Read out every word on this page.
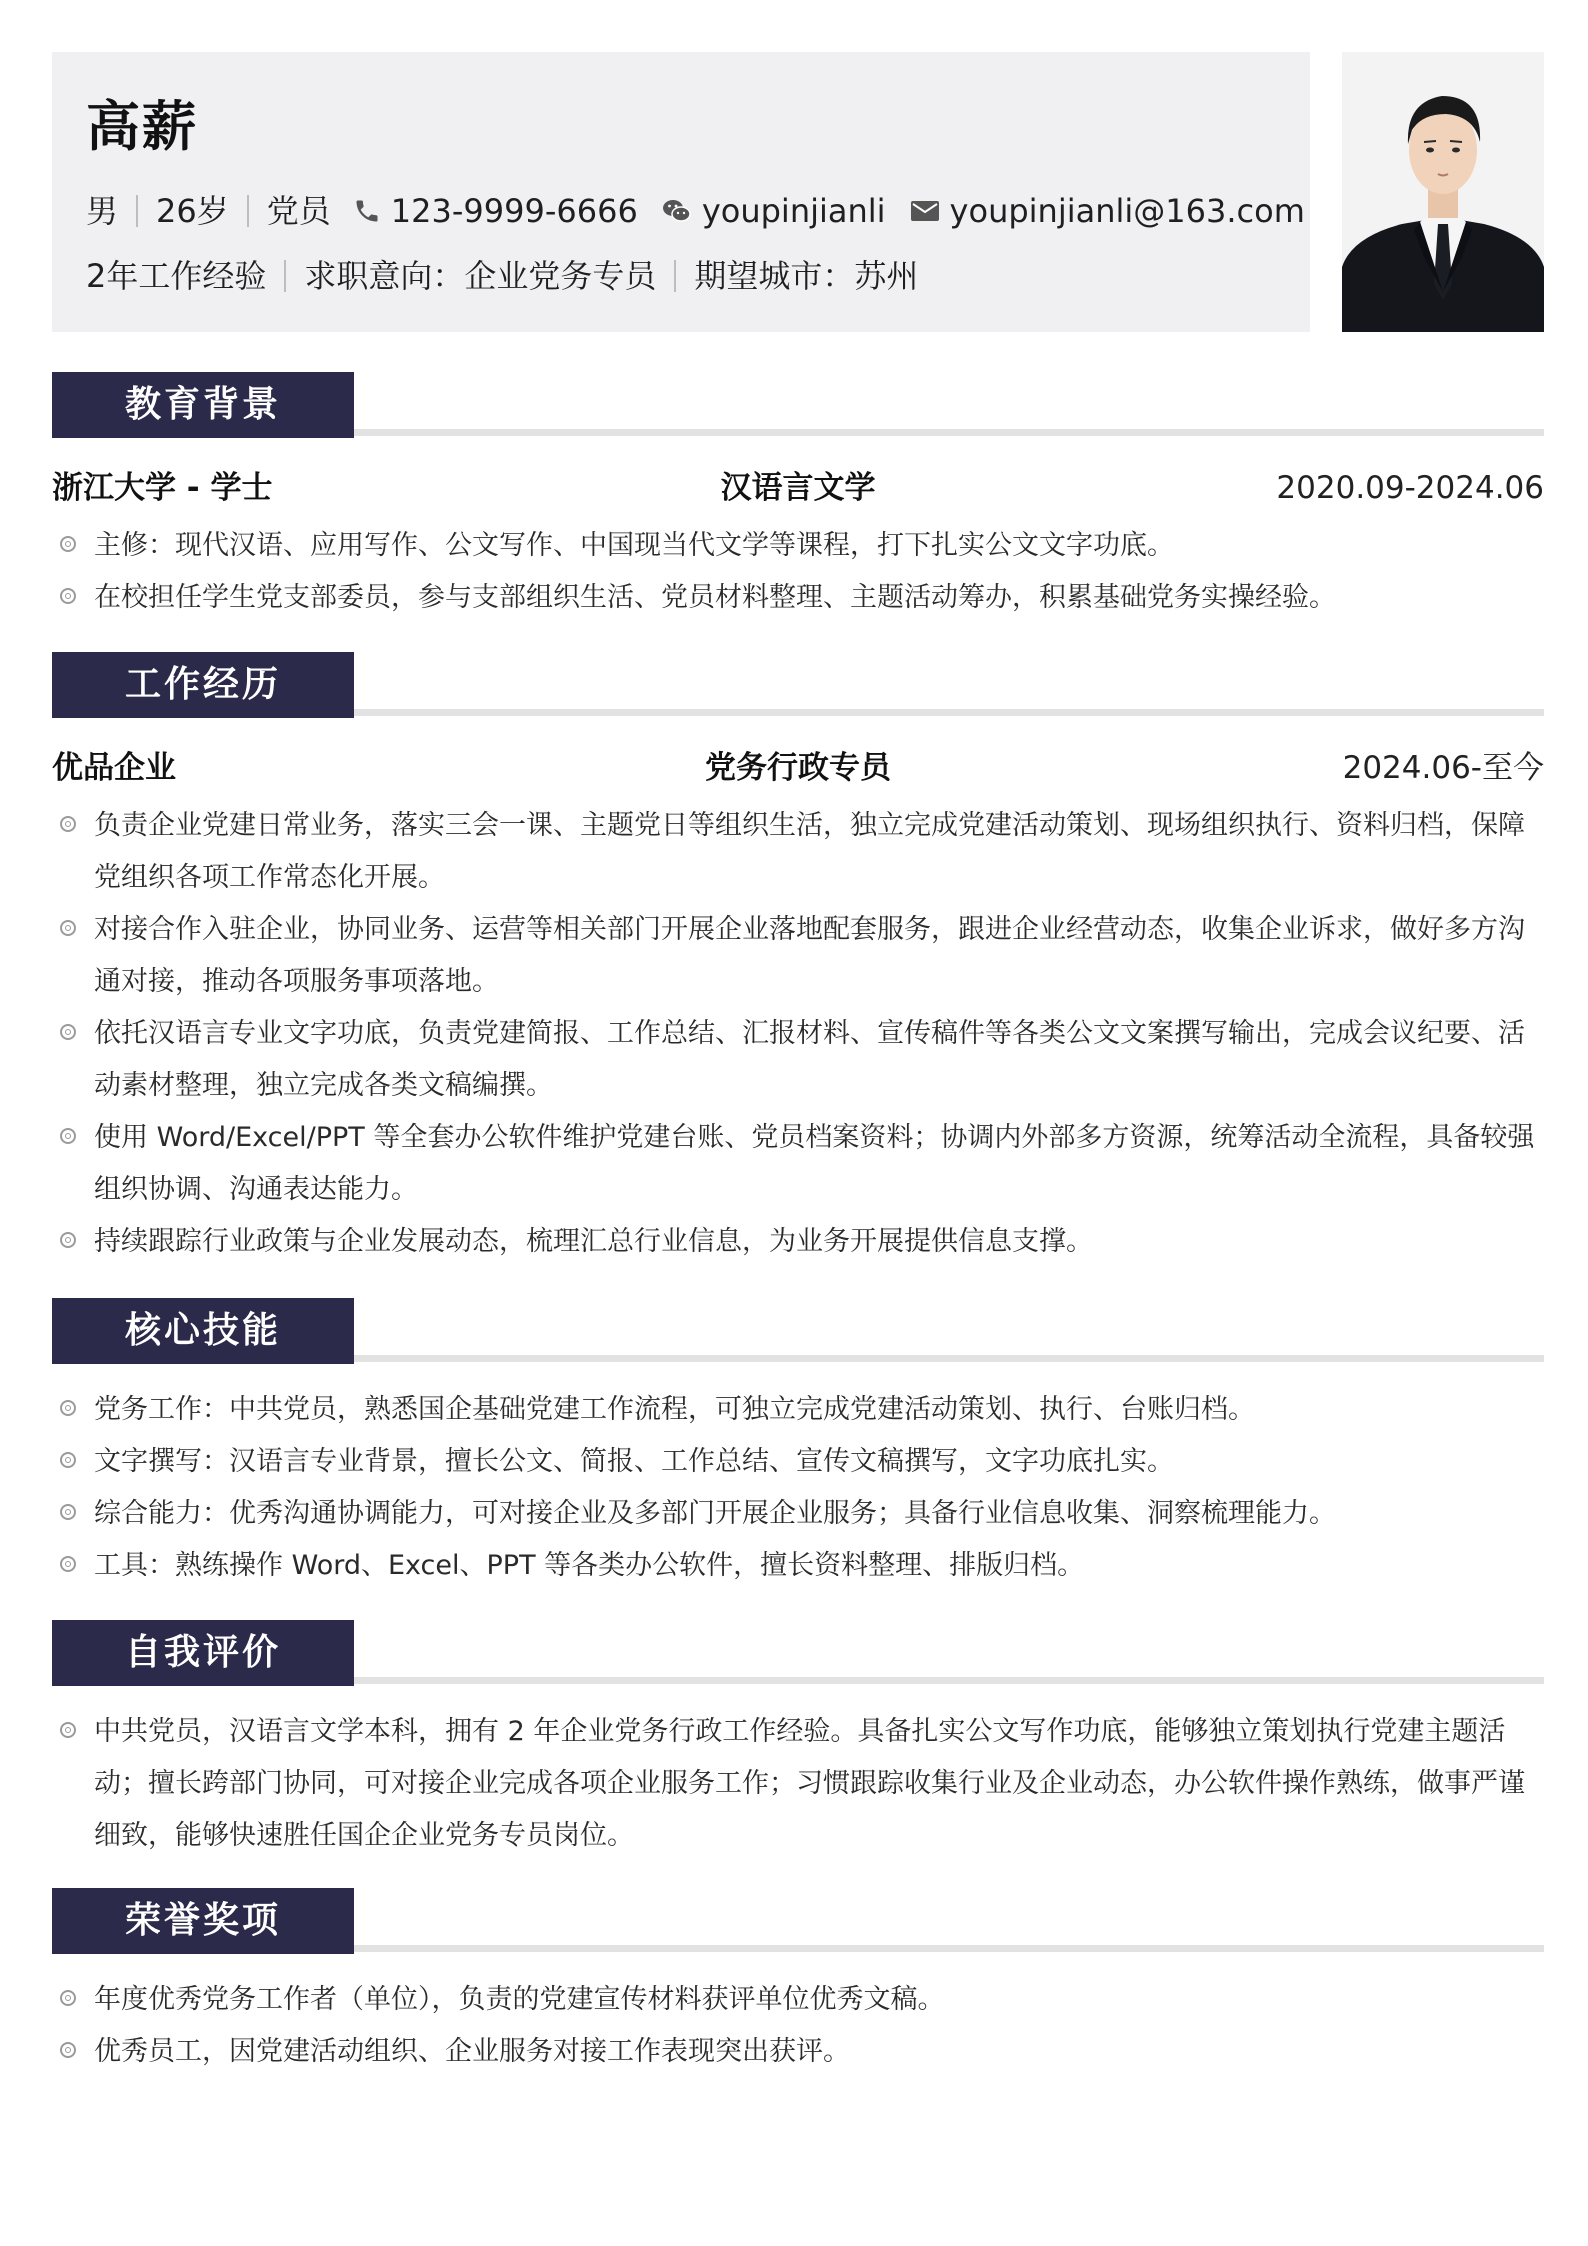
高薪
男 26岁 党员 123-9999-6666 youpinjianli youpinjianli@163.com
2年工作经验 求职意向：企业党务专员 期望城市：苏州
教育背景
浙江大学 - 学士	汉语言文学	2020.09-2024.06
主修：现代汉语、应用写作、公文写作、中国现当代文学等课程，打下扎实公文文字功底。
在校担任学生党支部委员，参与支部组织生活、党员材料整理、主题活动筹办，积累基础党务实操经验。
工作经历
优品企业	党务行政专员	2024.06-至今
负责企业党建日常业务，落实三会一课、主题党日等组织生活，独立完成党建活动策划、现场组织执行、资料归档，保障党组织各项工作常态化开展。
对接合作入驻企业，协同业务、运营等相关部门开展企业落地配套服务，跟进企业经营动态，收集企业诉求，做好多方沟通对接，推动各项服务事项落地。
依托汉语言专业文字功底，负责党建简报、工作总结、汇报材料、宣传稿件等各类公文文案撰写输出，完成会议纪要、活动素材整理，独立完成各类文稿编撰。
使用 Word/Excel/PPT 等全套办公软件维护党建台账、党员档案资料；协调内外部多方资源，统筹活动全流程，具备较强组织协调、沟通表达能力。
持续跟踪行业政策与企业发展动态，梳理汇总行业信息，为业务开展提供信息支撑。
核心技能
党务工作：中共党员，熟悉国企基础党建工作流程，可独立完成党建活动策划、执行、台账归档。
文字撰写：汉语言专业背景，擅长公文、简报、工作总结、宣传文稿撰写，文字功底扎实。
综合能力：优秀沟通协调能力，可对接企业及多部门开展企业服务；具备行业信息收集、洞察梳理能力。
工具：熟练操作 Word、Excel、PPT 等各类办公软件，擅长资料整理、排版归档。
自我评价
中共党员，汉语言文学本科，拥有 2 年企业党务行政工作经验。具备扎实公文写作功底，能够独立策划执行党建主题活动；擅长跨部门协同，可对接企业完成各项企业服务工作；习惯跟踪收集行业及企业动态，办公软件操作熟练，做事严谨细致，能够快速胜任国企企业党务专员岗位。
荣誉奖项
年度优秀党务工作者（单位），负责的党建宣传材料获评单位优秀文稿。
优秀员工，因党建活动组织、企业服务对接工作表现突出获评。
